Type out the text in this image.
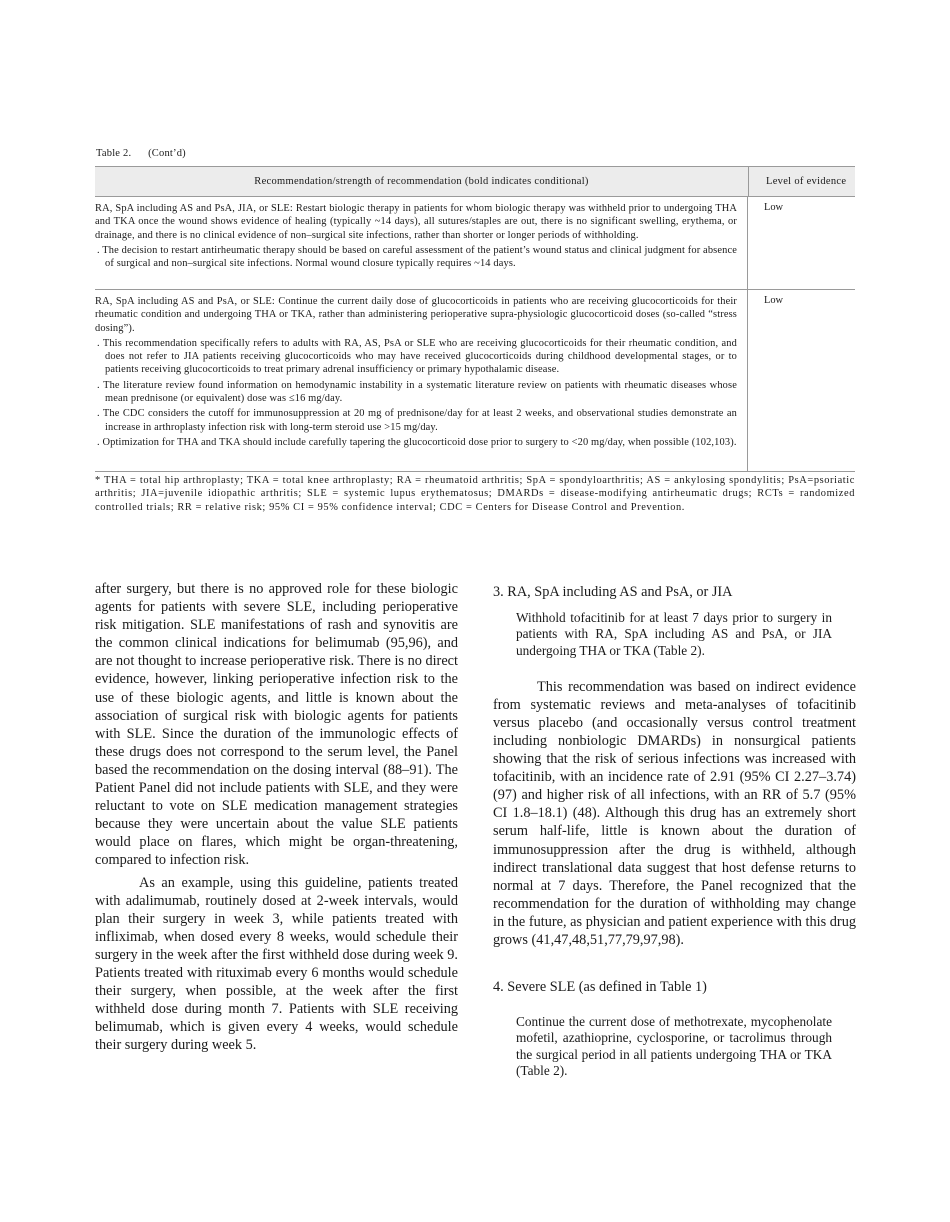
Table 2. (Cont’d)
Recommendation/strength of recommendation (bold indicates conditional)	Level of evidence

RA, SpA including AS and PsA, JIA, or SLE: Restart biologic therapy in patients for whom biologic therapy was withheld prior to undergoing THA and TKA once the wound shows evidence of healing (typically ~14 days), all sutures/staples are out, there is no significant swelling, erythema, or drainage, and there is no clinical evidence of non–surgical site infections, rather than shorter or longer periods of withholding.

. The decision to restart antirheumatic therapy should be based on careful assessment of the patient’s wound status and clinical judgment for absence of surgical and non–surgical site infections. Normal wound closure typically requires ~14 days.

Low

RA, SpA including AS and PsA, or SLE: Continue the current daily dose of glucocorticoids in patients who are receiving glucocorticoids for their rheumatic condition and undergoing THA or TKA, rather than administering perioperative supra-physiologic glucocorticoid doses (so-called “stress dosing”).

. This recommendation specifically refers to adults with RA, AS, PsA or SLE who are receiving glucocorticoids for their rheumatic condition, and does not refer to JIA patients receiving glucocorticoids who may have received glucocorticoids during childhood developmental stages, or to patients receiving glucocorticoids to treat primary adrenal insufficiency or primary hypothalamic disease.

. The literature review found information on hemodynamic instability in a systematic literature review on patients with rheumatic diseases whose mean prednisone (or equivalent) dose was ≤16 mg/day.

. The CDC considers the cutoff for immunosuppression at 20 mg of prednisone/day for at least 2 weeks, and observational studies demonstrate an increase in arthroplasty infection risk with long-term steroid use >15 mg/day.

. Optimization for THA and TKA should include carefully tapering the glucocorticoid dose prior to surgery to <20 mg/day, when possible (102,103).

Low
* THA = total hip arthroplasty; TKA = total knee arthroplasty; RA = rheumatoid arthritis; SpA = spondyloarthritis; AS = ankylosing spondylitis; PsA=psoriatic arthritis; JIA=juvenile idiopathic arthritis; SLE = systemic lupus erythematosus; DMARDs = disease-modifying antirheumatic drugs; RCTs = randomized controlled trials; RR = relative risk; 95% CI = 95% confidence interval; CDC = Centers for Disease Control and Prevention.

after surgery, but there is no approved role for these biologic agents for patients with severe SLE, including perioperative risk mitigation. SLE manifestations of rash and synovitis are the common clinical indications for belimumab (95,96), and are not thought to increase perioperative risk. There is no direct evidence, however, linking perioperative infection risk to the use of these biologic agents, and little is known about the association of surgical risk with biologic agents for patients with SLE. Since the duration of the immunologic effects of these drugs does not correspond to the serum level, the Panel based the recommendation on the dosing interval (88–91). The Patient Panel did not include patients with SLE, and they were reluctant to vote on SLE medication management strategies because they were uncertain about the value SLE patients would place on flares, which might be organ-threatening, compared to infection risk.

As an example, using this guideline, patients treated with adalimumab, routinely dosed at 2-week intervals, would plan their surgery in week 3, while patients treated with infliximab, when dosed every 8 weeks, would schedule their surgery in the week after the first withheld dose during week 9. Patients treated with rituximab every 6 months would schedule their surgery, when possible, at the week after the first withheld dose during month 7. Patients with SLE receiving belimumab, which is given every 4 weeks, would schedule their surgery during week 5.

3. RA, SpA including AS and PsA, or JIA
Withhold tofacitinib for at least 7 days prior to surgery in patients with RA, SpA including AS and PsA, or JIA undergoing THA or TKA (Table 2).

This recommendation was based on indirect evidence from systematic reviews and meta-analyses of tofacitinib versus placebo (and occasionally versus control treatment including nonbiologic DMARDs) in nonsurgical patients showing that the risk of serious infections was increased with tofacitinib, with an incidence rate of 2.91 (95% CI 2.27–3.74) (97) and higher risk of all infections, with an RR of 5.7 (95% CI 1.8–18.1) (48). Although this drug has an extremely short serum half-life, little is known about the duration of immunosuppression after the drug is withheld, although indirect translational data suggest that host defense returns to normal at 7 days. Therefore, the Panel recognized that the recommendation for the duration of withholding may change in the future, as physician and patient experience with this drug grows (41,47,48,51,77,79,97,98).

4. Severe SLE (as defined in Table 1)
Continue the current dose of methotrexate, mycophenolate mofetil, azathioprine, cyclosporine, or tacrolimus through the surgical period in all patients undergoing THA or TKA (Table 2).
